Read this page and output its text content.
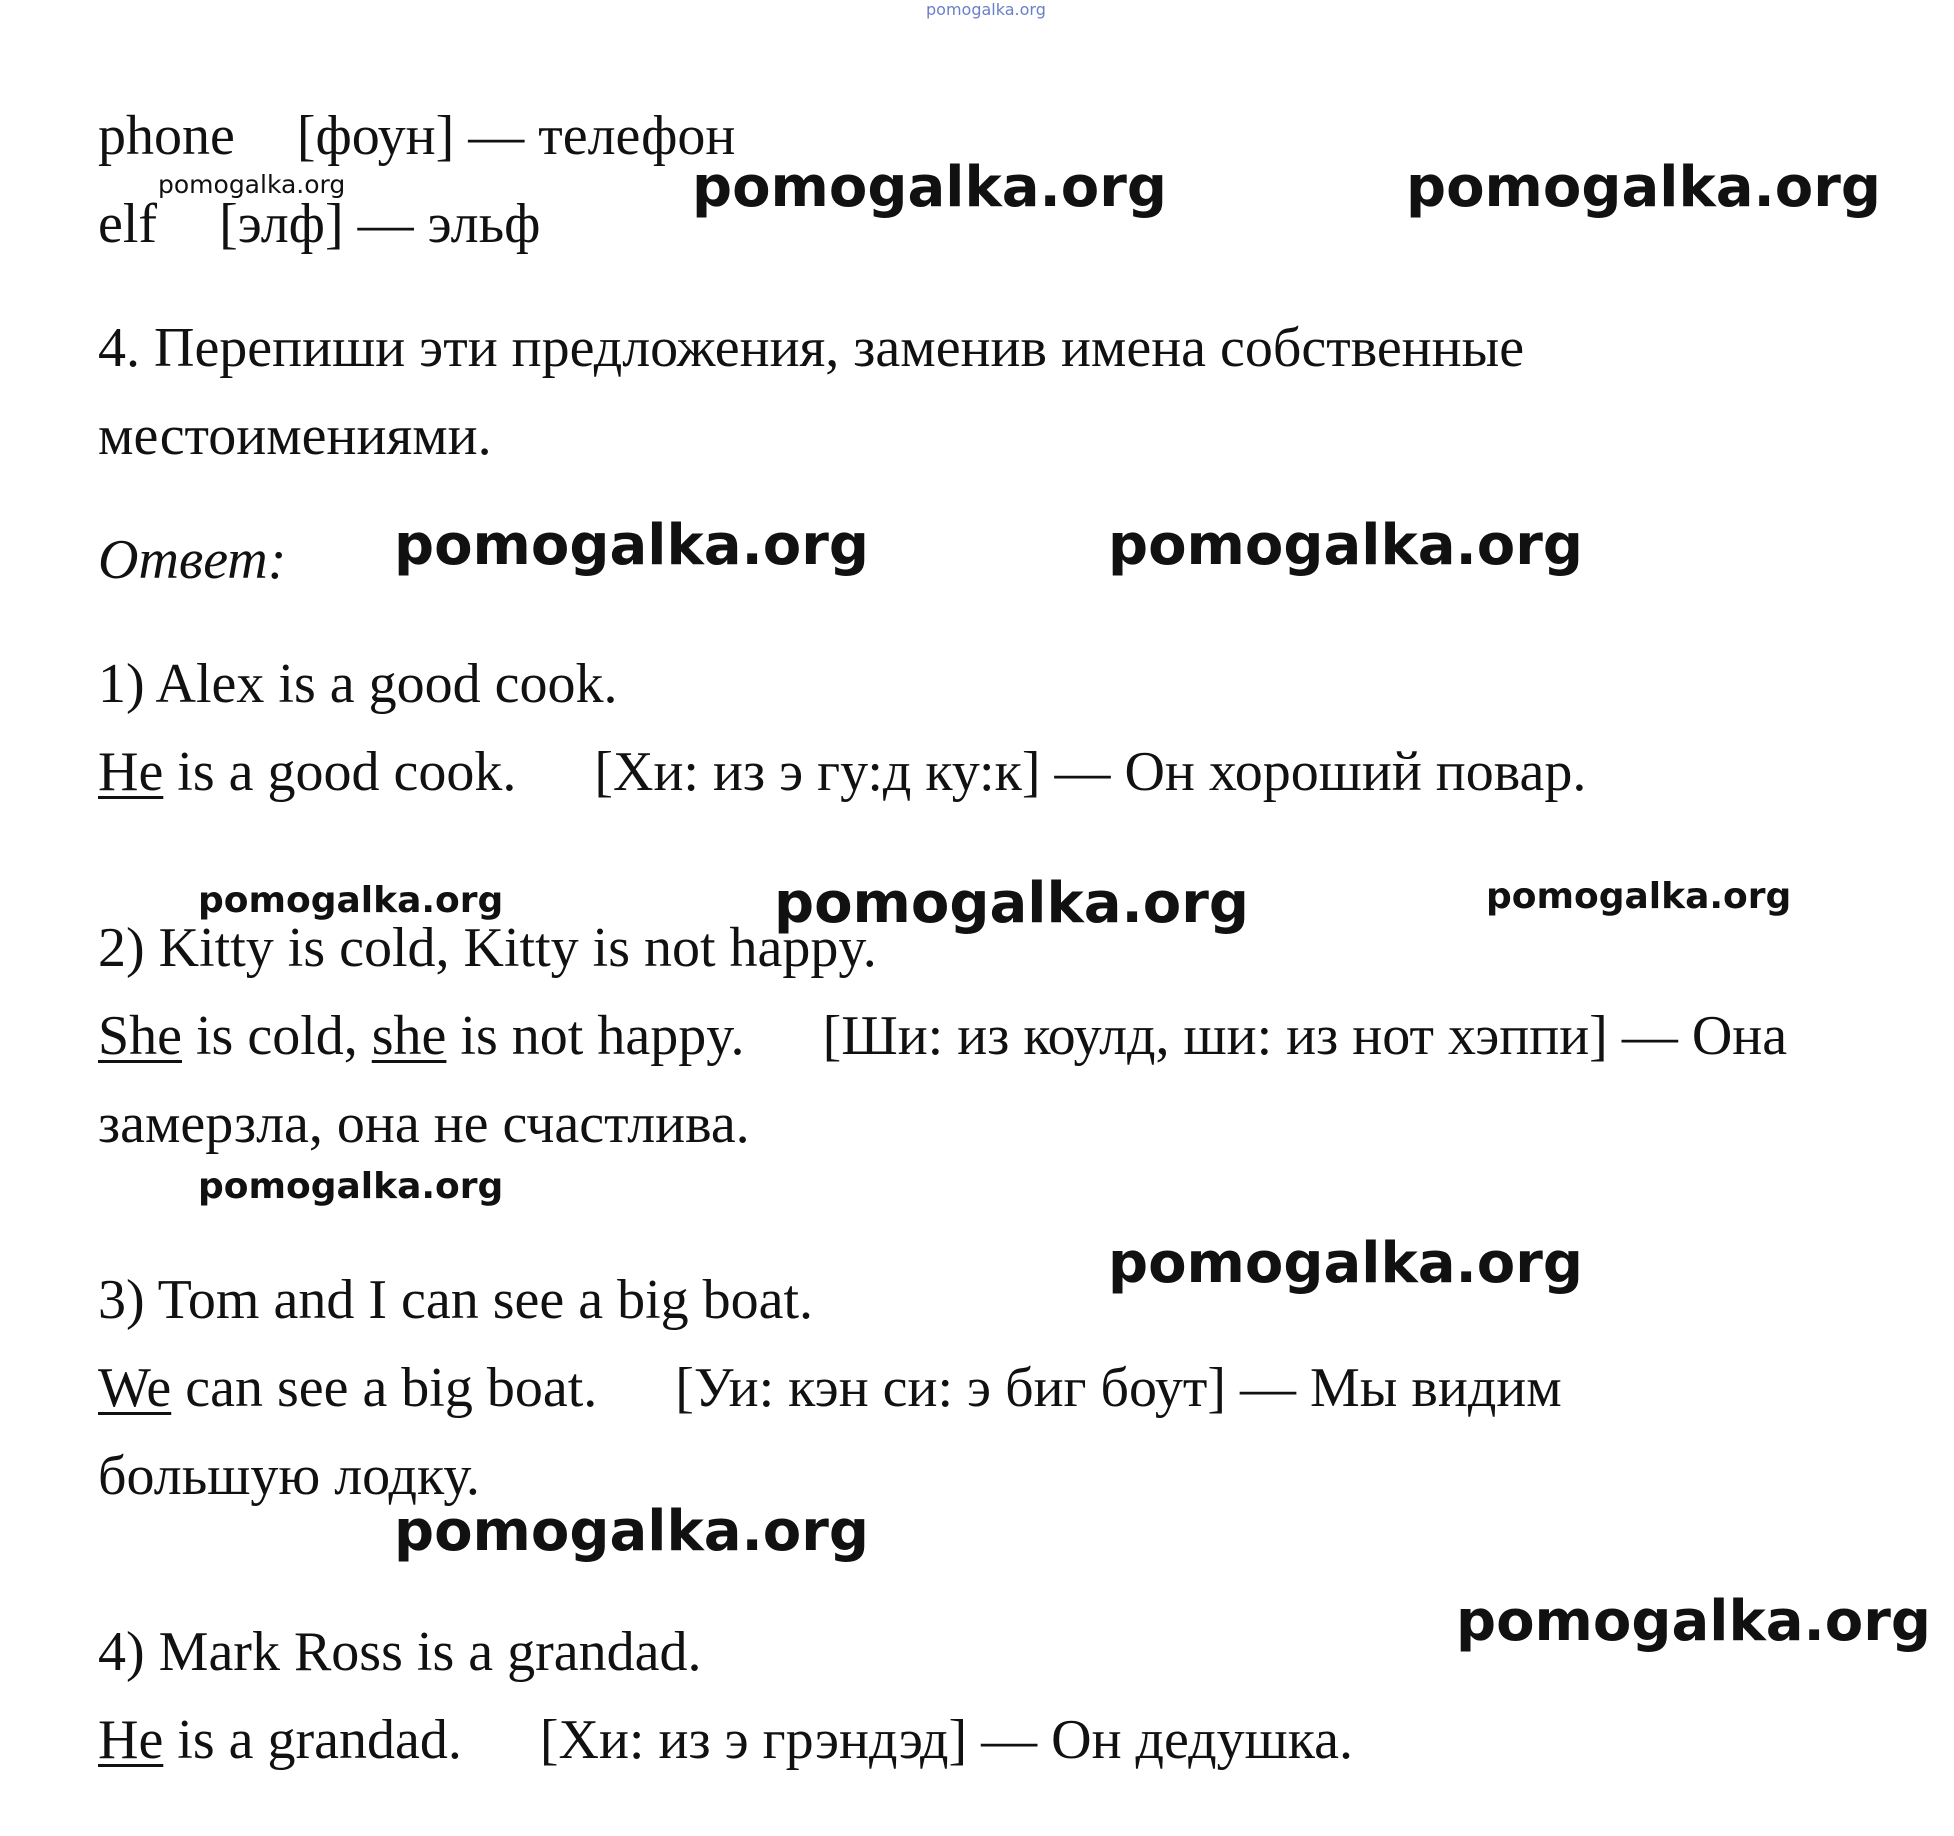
pomogalka.org
phone [фоун] — телефон
elf [элф] — эльф
4. Перепиши эти предложения, заменив имена собственные
местоимениями.
Ответ:
1) Alex is a good cook.
He is a good cook. [Хи: из э гу:д ку:к] — Он хороший повар.
2) Kitty is cold, Kitty is not happy.
She is cold, she is not happy. [Ши: из коулд, ши: из нот хэппи] — Она
замерзла, она не счастлива.
3) Tom and I can see a big boat.
We can see a big boat. [Уи: кэн си: э биг боут] — Мы видим
большую лодку.
4) Mark Ross is a grandad.
He is a grandad. [Хи: из э грэндэд] — Он дедушка.
pomogalka.org	pomogalka.org	pomogalka.org
pomogalka.org	pomogalka.org
pomogalka.org	pomogalka.org	pomogalka.org
pomogalka.org
pomogalka.org
pomogalka.org
pomogalka.org
